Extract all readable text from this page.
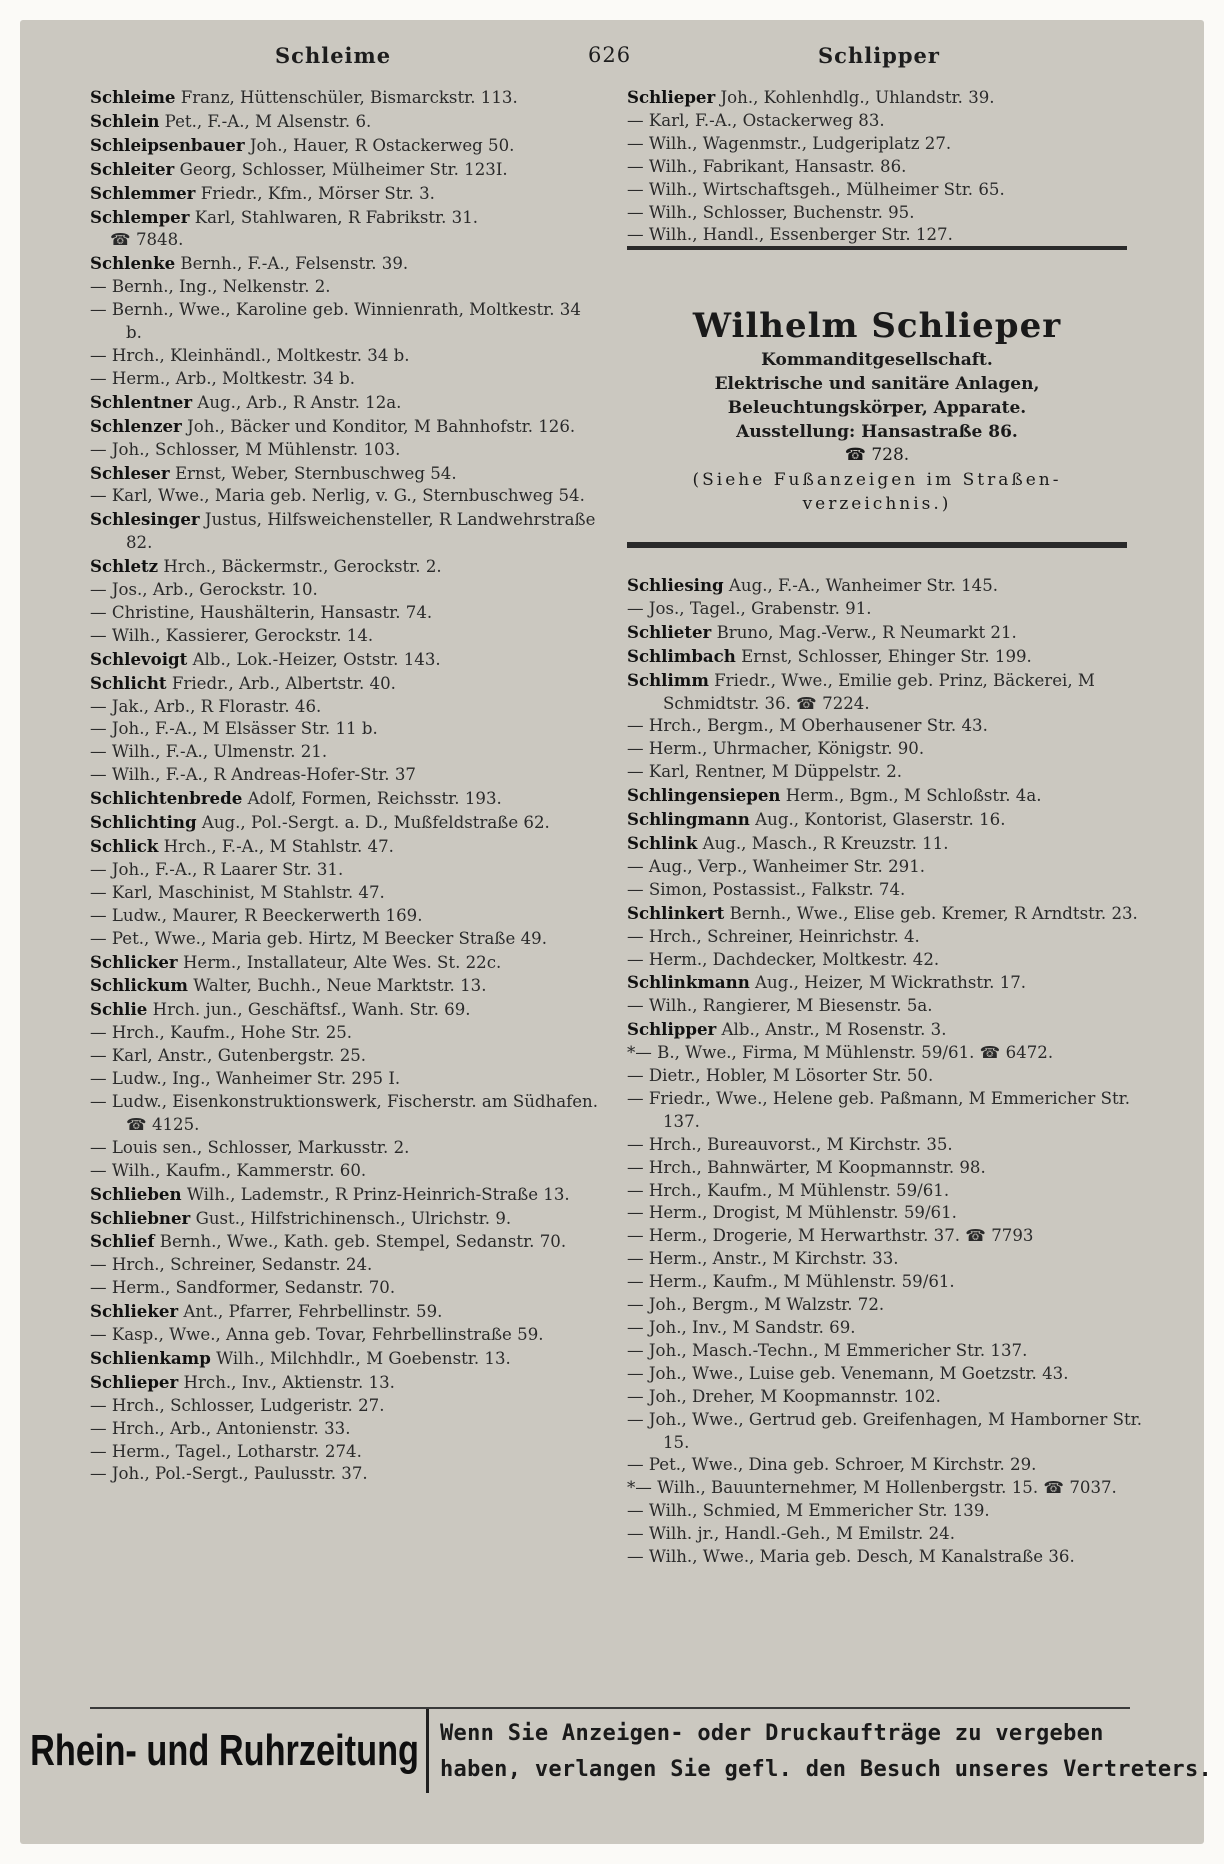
Schleime	626	Schlipper
Schleime Franz, Hüttenschüler, Bismarckstr. 113.
Schlein Pet., F.-A., M Alsenstr. 6.
Schleipsenbauer Joh., Hauer, R Ostackerweg 50.
Schleiter Georg, Schlosser, Mülheimer Str. 123I.
Schlemmer Friedr., Kfm., Mörser Str. 3.
Schlemper Karl, Stahlwaren, R Fabrikstr. 31.
☎ 7848.
Schlenke Bernh., F.-A., Felsenstr. 39.
— Bernh., Ing., Nelkenstr. 2.
— Bernh., Wwe., Karoline geb. Winnienrath, Moltkestr. 34 b.
— Hrch., Kleinhändl., Moltkestr. 34 b.
— Herm., Arb., Moltkestr. 34 b.
Schlentner Aug., Arb., R Anstr. 12a.
Schlenzer Joh., Bäcker und Konditor, M Bahnhofstr. 126.
— Joh., Schlosser, M Mühlenstr. 103.
Schleser Ernst, Weber, Sternbuschweg 54.
— Karl, Wwe., Maria geb. Nerlig, v. G., Sternbuschweg 54.
Schlesinger Justus, Hilfsweichensteller, R Landwehrstraße 82.
Schletz Hrch., Bäckermstr., Gerockstr. 2.
— Jos., Arb., Gerockstr. 10.
— Christine, Haushälterin, Hansastr. 74.
— Wilh., Kassierer, Gerockstr. 14.
Schlevoigt Alb., Lok.-Heizer, Oststr. 143.
Schlicht Friedr., Arb., Albertstr. 40.
— Jak., Arb., R Florastr. 46.
— Joh., F.-A., M Elsässer Str. 11 b.
— Wilh., F.-A., Ulmenstr. 21.
— Wilh., F.-A., R Andreas-Hofer-Str. 37
Schlichtenbrede Adolf, Formen, Reichsstr. 193.
Schlichting Aug., Pol.-Sergt. a. D., Mußfeldstraße 62.
Schlick Hrch., F.-A., M Stahlstr. 47.
— Joh., F.-A., R Laarer Str. 31.
— Karl, Maschinist, M Stahlstr. 47.
— Ludw., Maurer, R Beeckerwerth 169.
— Pet., Wwe., Maria geb. Hirtz, M Beecker Straße 49.
Schlicker Herm., Installateur, Alte Wes. St. 22c.
Schlickum Walter, Buchh., Neue Marktstr. 13.
Schlie Hrch. jun., Geschäftsf., Wanh. Str. 69.
— Hrch., Kaufm., Hohe Str. 25.
— Karl, Anstr., Gutenbergstr. 25.
— Ludw., Ing., Wanheimer Str. 295 I.
— Ludw., Eisenkonstruktionswerk, Fischerstr. am Südhafen. ☎ 4125.
— Louis sen., Schlosser, Markusstr. 2.
— Wilh., Kaufm., Kammerstr. 60.
Schlieben Wilh., Lademstr., R Prinz-Heinrich-Straße 13.
Schliebner Gust., Hilfstrichinensch., Ulrichstr. 9.
Schlief Bernh., Wwe., Kath. geb. Stempel, Sedanstr. 70.
— Hrch., Schreiner, Sedanstr. 24.
— Herm., Sandformer, Sedanstr. 70.
Schlieker Ant., Pfarrer, Fehrbellinstr. 59.
— Kasp., Wwe., Anna geb. Tovar, Fehrbellinstraße 59.
Schlienkamp Wilh., Milchhdlr., M Goebenstr. 13.
Schlieper Hrch., Inv., Aktienstr. 13.
— Hrch., Schlosser, Ludgeristr. 27.
— Hrch., Arb., Antonienstr. 33.
— Herm., Tagel., Lotharstr. 274.
— Joh., Pol.-Sergt., Paulusstr. 37.
Schlieper Joh., Kohlenhdlg., Uhlandstr. 39.
— Karl, F.-A., Ostackerweg 83.
— Wilh., Wagenmstr., Ludgeriplatz 27.
— Wilh., Fabrikant, Hansastr. 86.
— Wilh., Wirtschaftsgeh., Mülheimer Str. 65.
— Wilh., Schlosser, Buchenstr. 95.
— Wilh., Handl., Essenberger Str. 127.
Wilhelm Schlieper
Kommanditgesellschaft.
Elektrische und sanitäre Anlagen,
Beleuchtungskörper, Apparate.
Ausstellung: Hansastraße 86.
☎ 728.
(Siehe Fußanzeigen im Straßen-
verzeichnis.)
Schliesing Aug., F.-A., Wanheimer Str. 145.
— Jos., Tagel., Grabenstr. 91.
Schlieter Bruno, Mag.-Verw., R Neumarkt 21.
Schlimbach Ernst, Schlosser, Ehinger Str. 199.
Schlimm Friedr., Wwe., Emilie geb. Prinz, Bäckerei, M Schmidtstr. 36. ☎ 7224.
— Hrch., Bergm., M Oberhausener Str. 43.
— Herm., Uhrmacher, Königstr. 90.
— Karl, Rentner, M Düppelstr. 2.
Schlingensiepen Herm., Bgm., M Schloßstr. 4a.
Schlingmann Aug., Kontorist, Glaserstr. 16.
Schlink Aug., Masch., R Kreuzstr. 11.
— Aug., Verp., Wanheimer Str. 291.
— Simon, Postassist., Falkstr. 74.
Schlinkert Bernh., Wwe., Elise geb. Kremer, R Arndtstr. 23.
— Hrch., Schreiner, Heinrichstr. 4.
— Herm., Dachdecker, Moltkestr. 42.
Schlinkmann Aug., Heizer, M Wickrathstr. 17.
— Wilh., Rangierer, M Biesenstr. 5a.
Schlipper Alb., Anstr., M Rosenstr. 3.
*— B., Wwe., Firma, M Mühlenstr. 59/61. ☎ 6472.
— Dietr., Hobler, M Lösorter Str. 50.
— Friedr., Wwe., Helene geb. Paßmann, M Emmericher Str. 137.
— Hrch., Bureauvorst., M Kirchstr. 35.
— Hrch., Bahnwärter, M Koopmannstr. 98.
— Hrch., Kaufm., M Mühlenstr. 59/61.
— Herm., Drogist, M Mühlenstr. 59/61.
— Herm., Drogerie, M Herwarthstr. 37. ☎ 7793
— Herm., Anstr., M Kirchstr. 33.
— Herm., Kaufm., M Mühlenstr. 59/61.
— Joh., Bergm., M Walzstr. 72.
— Joh., Inv., M Sandstr. 69.
— Joh., Masch.-Techn., M Emmericher Str. 137.
— Joh., Wwe., Luise geb. Venemann, M Goetzstr. 43.
— Joh., Dreher, M Koopmannstr. 102.
— Joh., Wwe., Gertrud geb. Greifenhagen, M Hamborner Str. 15.
— Pet., Wwe., Dina geb. Schroer, M Kirchstr. 29.
*— Wilh., Bauunternehmer, M Hollenbergstr. 15. ☎ 7037.
— Wilh., Schmied, M Emmericher Str. 139.
— Wilh. jr., Handl.-Geh., M Emilstr. 24.
— Wilh., Wwe., Maria geb. Desch, M Kanalstraße 36.
Rhein- und Ruhrzeitung Wenn Sie Anzeigen- oder Druckaufträge zu vergeben
haben, verlangen Sie gefl. den Besuch unseres Vertreters.
